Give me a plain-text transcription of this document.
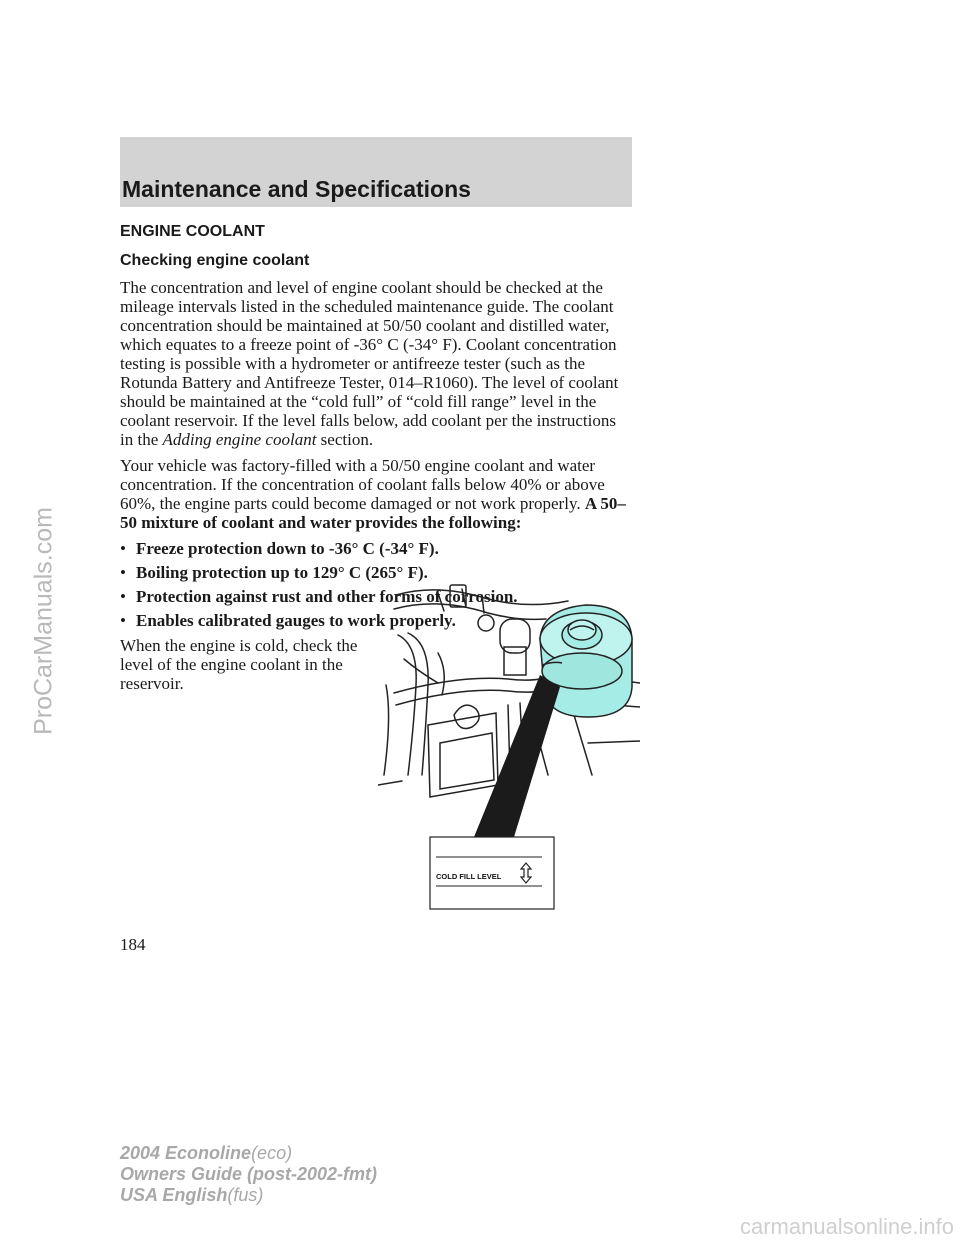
Maintenance and Specifications
ENGINE COOLANT
Checking engine coolant

The concentration and level of engine coolant should be checked at the mileage intervals listed in the scheduled maintenance guide. The coolant concentration should be maintained at 50/50 coolant and distilled water, which equates to a freeze point of -36° C (-34° F). Coolant concentration testing is possible with a hydrometer or antifreeze tester (such as the Rotunda Battery and Antifreeze Tester, 014–R1060). The level of coolant should be maintained at the “cold full” of “cold fill range” level in the coolant reservoir. If the level falls below, add coolant per the instructions in the Adding engine coolant section.

Your vehicle was factory-filled with a 50/50 engine coolant and water concentration. If the concentration of coolant falls below 40% or above 60%, the engine parts could become damaged or not work properly. A 50–50 mixture of coolant and water provides the following:

• Freeze protection down to -36° C (-34° F).
• Boiling protection up to 129° C (265° F).
• Protection against rust and other forms of corrosion.
• Enables calibrated gauges to work properly.

When the engine is cold, check the level of the engine coolant in the reservoir.

COLD FILL LEVEL
184
2004 Econoline(eco)
Owners Guide (post-2002-fmt)
USA English(fus)
ProCarManuals.com
carmanualsonline.info
